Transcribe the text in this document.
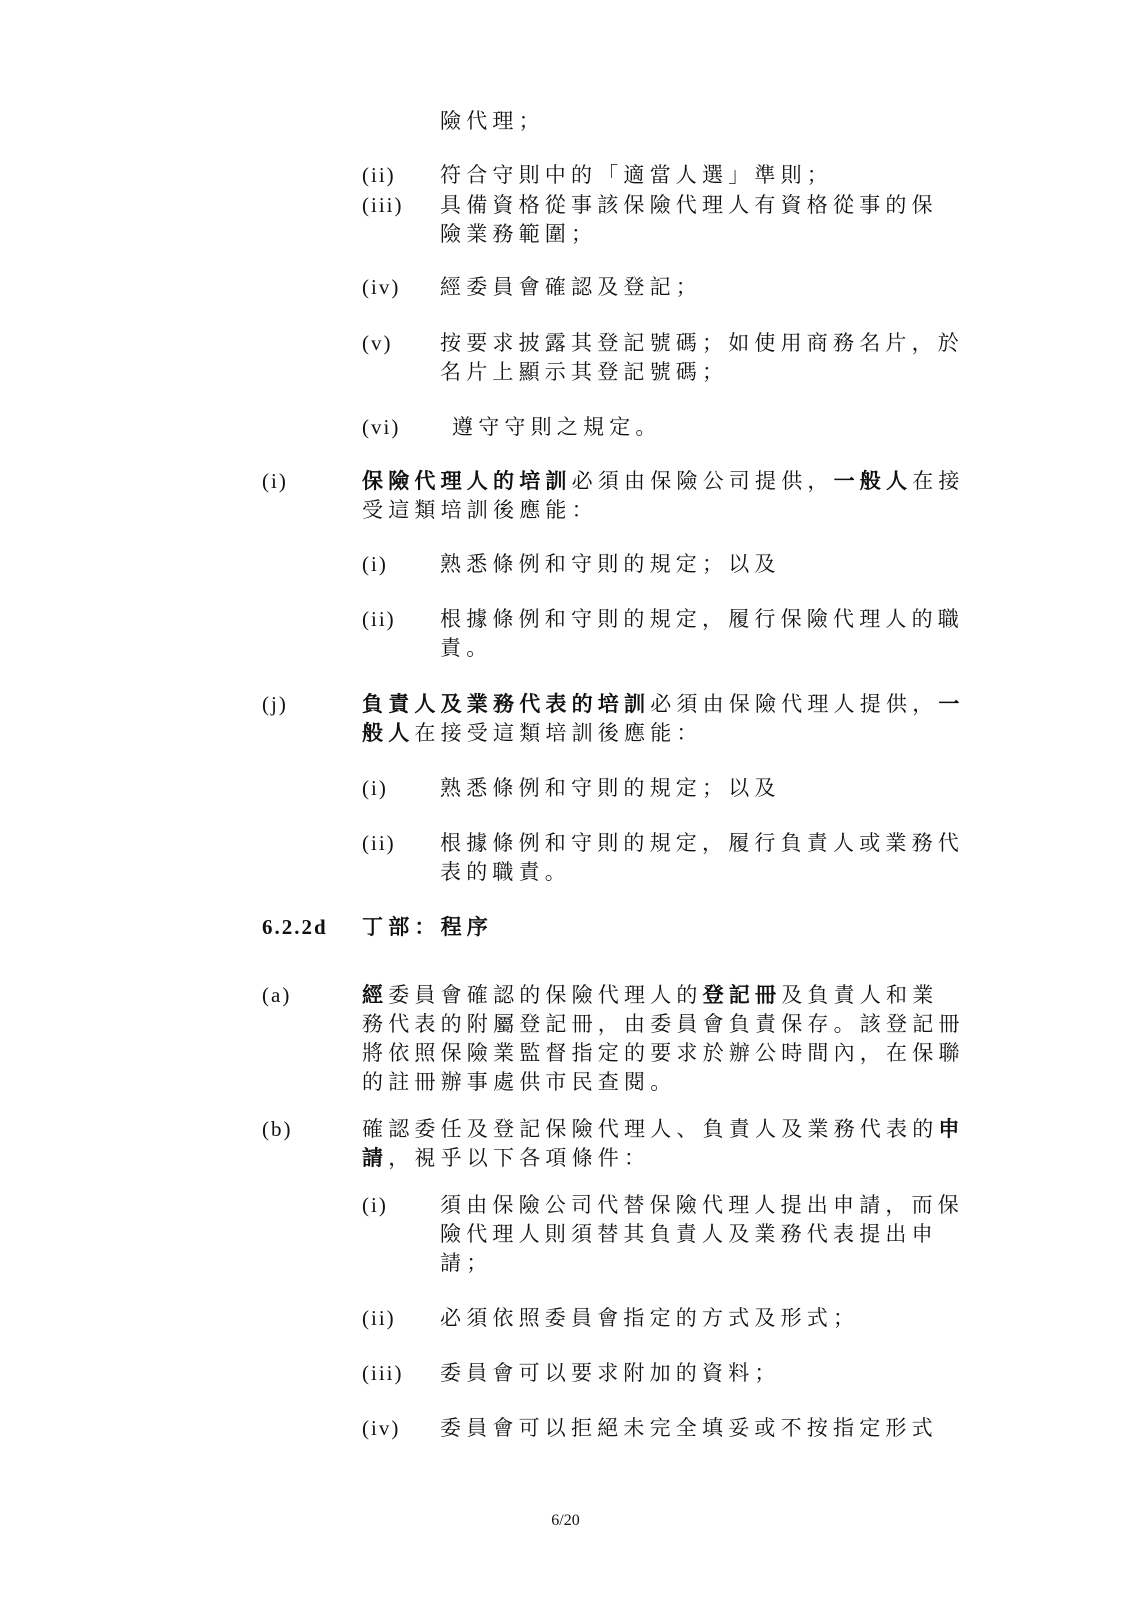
險代理；
(ii) 符合守則中的「適當人選」準則；
(iii) 具備資格從事該保險代理人有資格從事的保
險業務範圍；
(iv) 經委員會確認及登記；
(v) 按要求披露其登記號碼；如使用商務名片，於
名片上顯示其登記號碼；
(vi) 遵守守則之規定。
(i)	保險代理人的培訓必須由保險公司提供，一般人在接
受這類培訓後應能：
(i) 熟悉條例和守則的規定；以及
(ii) 根據條例和守則的規定，履行保險代理人的職
責。
(j)	負責人及業務代表的培訓必須由保險代理人提供，一
般人在接受這類培訓後應能：
(i) 熟悉條例和守則的規定；以及
(ii) 根據條例和守則的規定，履行負責人或業務代
表的職責。
6.2.2d 丁部：程序
(a)	經委員會確認的保險代理人的登記冊及負責人和業
務代表的附屬登記冊，由委員會負責保存。該登記冊
將依照保險業監督指定的要求於辦公時間內，在保聯
的註冊辦事處供市民查閱。
(b)	確認委任及登記保險代理人、負責人及業務代表的申
請，視乎以下各項條件：
(i) 須由保險公司代替保險代理人提出申請，而保
險代理人則須替其負責人及業務代表提出申
請；
(ii) 必須依照委員會指定的方式及形式；
(iii) 委員會可以要求附加的資料；
(iv) 委員會可以拒絕未完全填妥或不按指定形式
6/20
